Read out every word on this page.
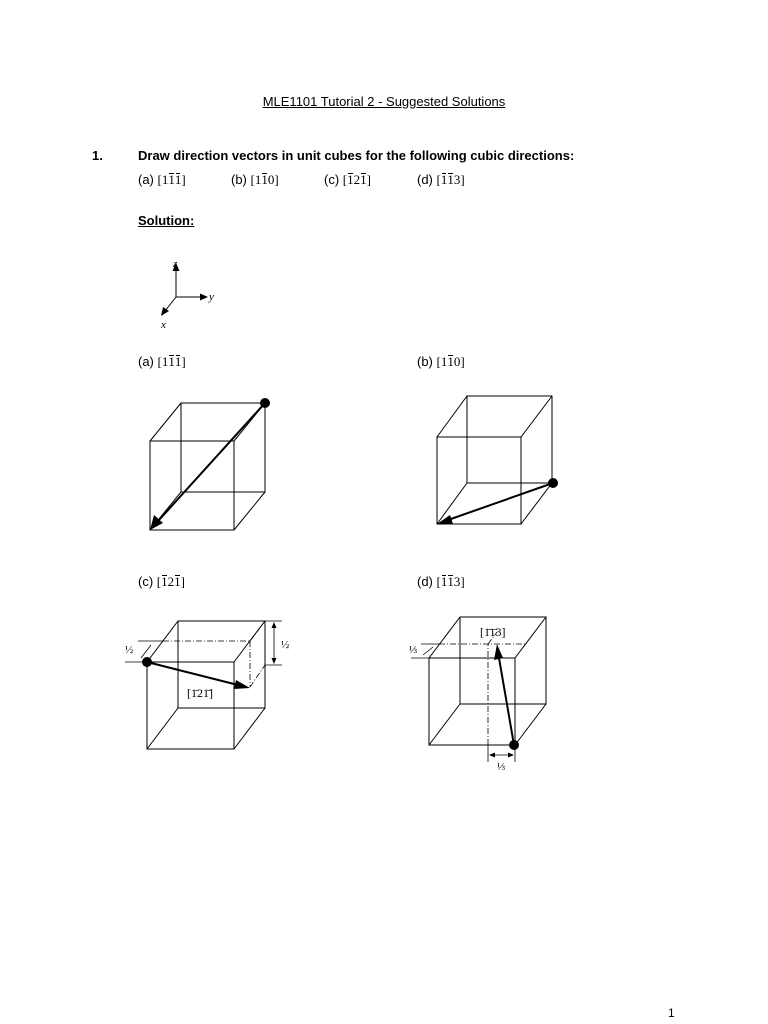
MLE1101 Tutorial 2 - Suggested Solutions
1.	Draw direction vectors in unit cubes for the following cubic directions:
(a) [111]	(b) [110]	(c) [121]	(d) [113]
Solution:
z
y
x
(a) [111]	(b) [110]
(c) [121]	(d) [113]
½	½
[1̄21̄]
⅓
⅓
[1̄1̄3]
1
